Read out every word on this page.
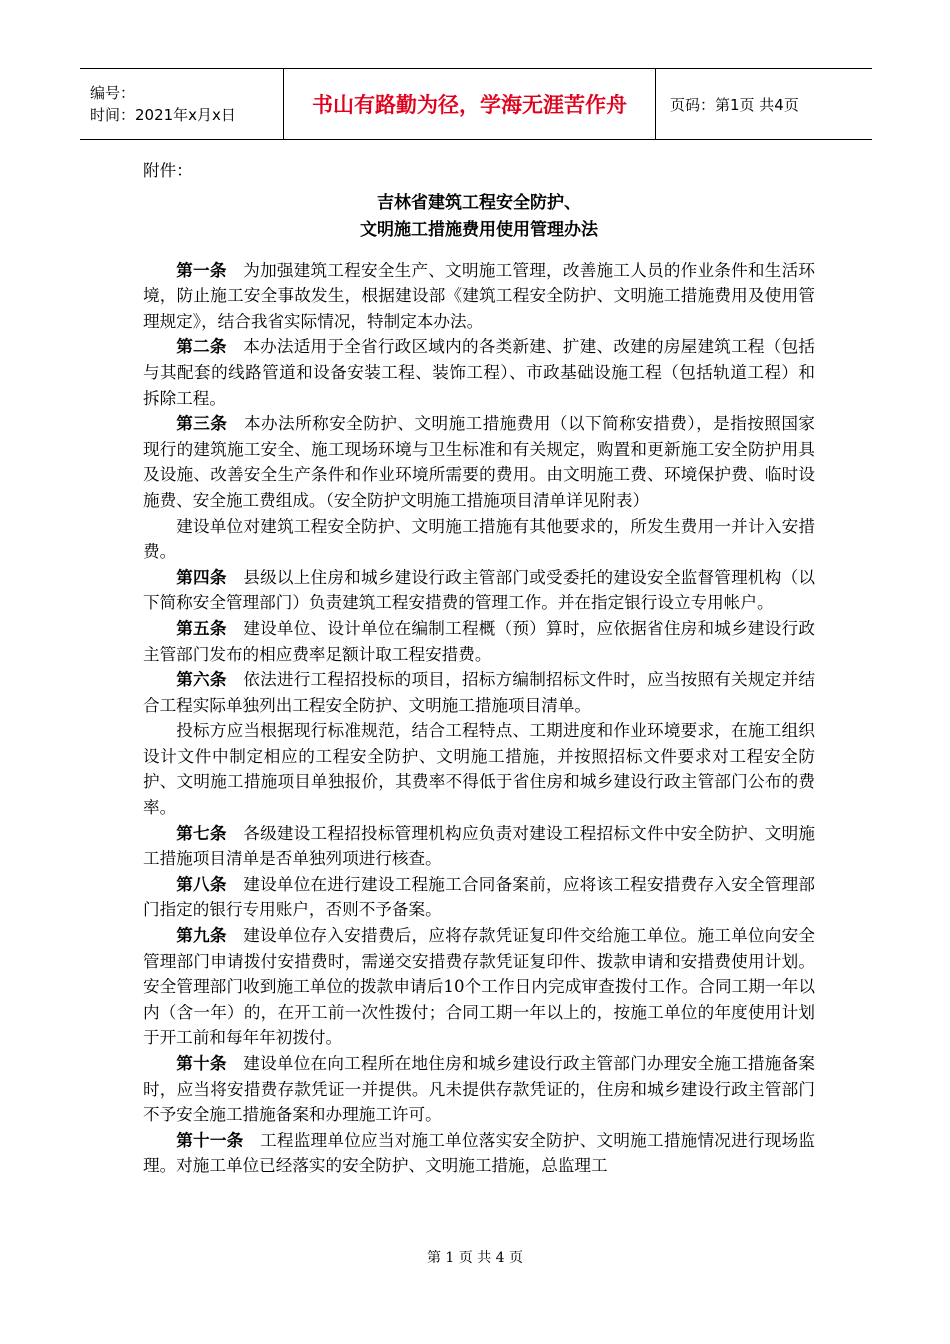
编号：
时间：2021年x月x日	书山有路勤为径，学海无涯苦作舟	页码：第1页 共4页
附件：

吉林省建筑工程安全防护、

文明施工措施费用使用管理办法

第一条 为加强建筑工程安全生产、文明施工管理，改善施工人员的作业条件和生活环境，防止施工安全事故发生，根据建设部《建筑工程安全防护、文明施工措施费用及使用管理规定》，结合我省实际情况，特制定本办法。

第二条 本办法适用于全省行政区域内的各类新建、扩建、改建的房屋建筑工程（包括与其配套的线路管道和设备安装工程、装饰工程）、市政基础设施工程（包括轨道工程）和拆除工程。

第三条 本办法所称安全防护、文明施工措施费用（以下简称安措费），是指按照国家现行的建筑施工安全、施工现场环境与卫生标准和有关规定，购置和更新施工安全防护用具及设施、改善安全生产条件和作业环境所需要的费用。由文明施工费、环境保护费、临时设施费、安全施工费组成。（安全防护文明施工措施项目清单详见附表）

建设单位对建筑工程安全防护、文明施工措施有其他要求的，所发生费用一并计入安措费。

第四条 县级以上住房和城乡建设行政主管部门或受委托的建设安全监督管理机构（以下简称安全管理部门）负责建筑工程安措费的管理工作。并在指定银行设立专用帐户。

第五条 建设单位、设计单位在编制工程概（预）算时，应依据省住房和城乡建设行政主管部门发布的相应费率足额计取工程安措费。

第六条 依法进行工程招投标的项目，招标方编制招标文件时，应当按照有关规定并结合工程实际单独列出工程安全防护、文明施工措施项目清单。

投标方应当根据现行标准规范，结合工程特点、工期进度和作业环境要求，在施工组织设计文件中制定相应的工程安全防护、文明施工措施，并按照招标文件要求对工程安全防护、文明施工措施项目单独报价，其费率不得低于省住房和城乡建设行政主管部门公布的费率。

第七条 各级建设工程招投标管理机构应负责对建设工程招标文件中安全防护、文明施工措施项目清单是否单独列项进行核查。

第八条 建设单位在进行建设工程施工合同备案前，应将该工程安措费存入安全管理部门指定的银行专用账户，否则不予备案。

第九条 建设单位存入安措费后，应将存款凭证复印件交给施工单位。施工单位向安全管理部门申请拨付安措费时，需递交安措费存款凭证复印件、拨款申请和安措费使用计划。安全管理部门收到施工单位的拨款申请后10个工作日内完成审查拨付工作。合同工期一年以内（含一年）的，在开工前一次性拨付；合同工期一年以上的，按施工单位的年度使用计划于开工前和每年年初拨付。

第十条 建设单位在向工程所在地住房和城乡建设行政主管部门办理安全施工措施备案时，应当将安措费存款凭证一并提供。凡未提供存款凭证的，住房和城乡建设行政主管部门不予安全施工措施备案和办理施工许可。

第十一条 工程监理单位应当对施工单位落实安全防护、文明施工措施情况进行现场监理。对施工单位已经落实的安全防护、文明施工措施，总监理工

第 1 页 共 4 页
